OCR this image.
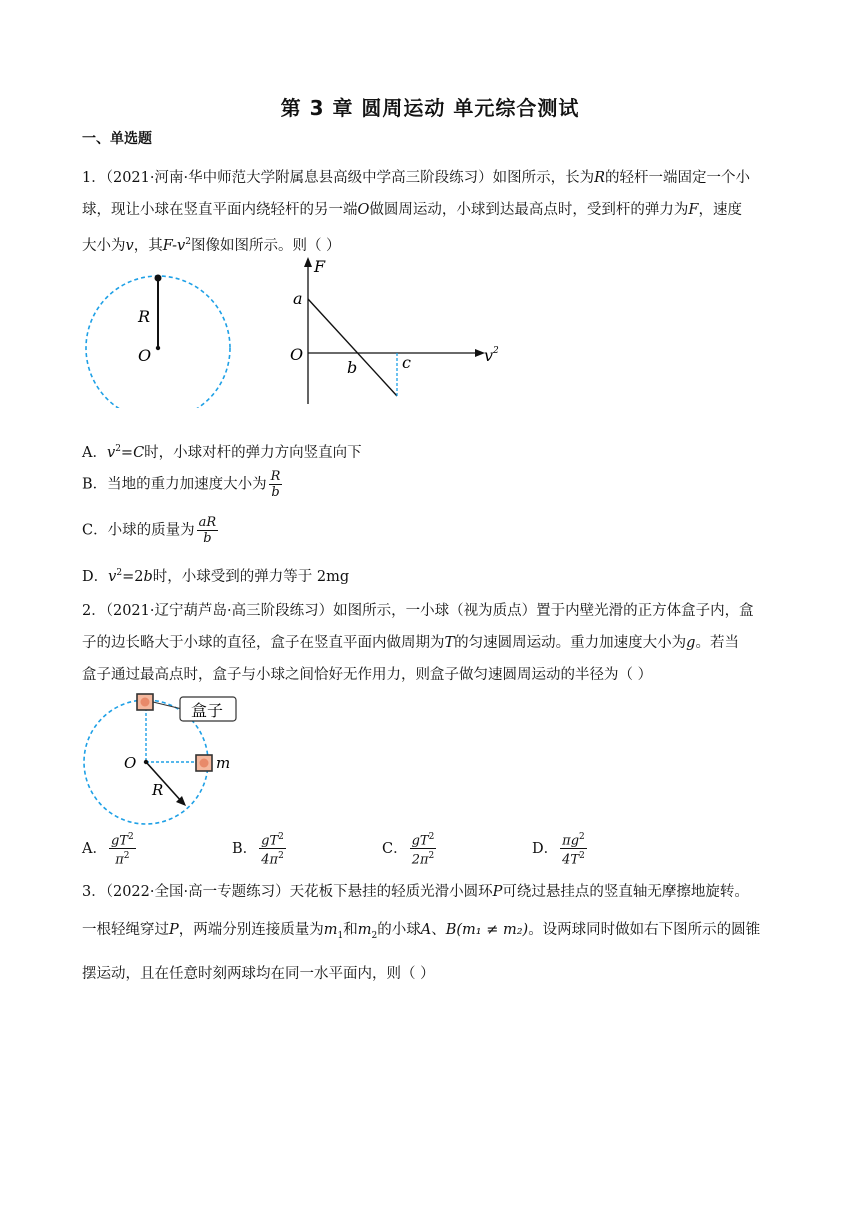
第 3 章 圆周运动 单元综合测试
一、单选题
1．（2021·河南·华中师范大学附属息县高级中学高三阶段练习）如图所示，长为R的轻杆一端固定一个小
球，现让小球在竖直平面内绕轻杆的另一端O做圆周运动，小球到达最高点时，受到杆的弹力为F，速度
大小为v，其$F-v^2$图像如图所示。则（ ）
R
O
F
a
O
b	c	v 2
A．$v^2=C$时，小球对杆的弹力方向竖直向下
B．当地的重力加速度大小为 $\frac{R}{b}$
C．小球的质量为 $\frac{aR}{b}$
D．$v^2=2b$时，小球受到的弹力等于 2mg
2．（2021·辽宁葫芦岛·高三阶段练习）如图所示，一小球（视为质点）置于内壁光滑的正方体盒子内，盒
子的边长略大于小球的直径，盒子在竖直平面内做周期为T的匀速圆周运动。重力加速度大小为g。若当
盒子通过最高点时，盒子与小球之间恰好无作用力，则盒子做匀速圆周运动的半径为（ ）
盒子
O
R
m
A． $\frac{gT^2}{\pi^2}$	B． $\frac{gT^2}{4\pi^2}$	C． $\frac{gT^2}{2\pi^2}$	D． $\frac{\pi g^2}{4T^2}$
3．（2022·全国·高一专题练习）天花板下悬挂的轻质光滑小圆环P可绕过悬挂点的竖直轴无摩擦地旋转。
一根轻绳穿过P，两端分别连接质量为$m_1$和$m_2$的小球A、B(m₁ ≠ m₂)。设两球同时做如右下图所示的圆锥
摆运动，且在任意时刻两球均在同一水平面内，则（ ）
